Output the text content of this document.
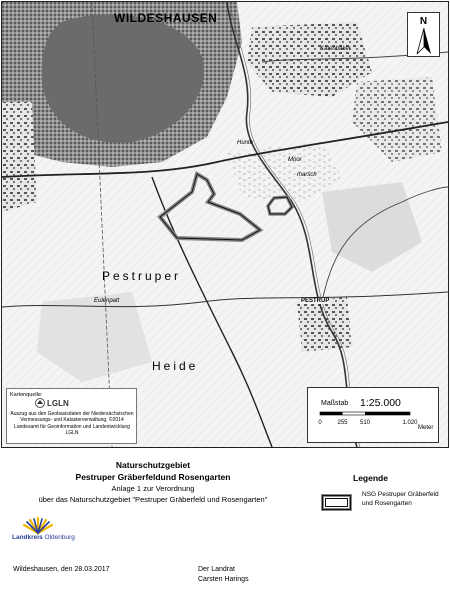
WILDESHAUSEN
Pestruper
Heide
PESTRUP
Moor
marsch
Hunte
Katenbäker
Eulenpatt
N
Kartenquelle:
LGLN
Auszug aus den Geobasisdaten der Niedersächsischen Vermessungs- und Katasterverwaltung, ©2014 Landesamt für Geoinformation und Landentwicklung LGLN
Maßstab 1:25.000
0	255 510	1.020
Meter
Naturschutzgebiet
Pestruper Gräberfeldund Rosengarten
Anlage 1 zur Verordnung
über das Naturschutzgebiet "Pestruper Gräberfeld und Rosengarten"
Legende
NSG Pestruper Gräberfeld und Rosengarten
Landkreis Oldenburg
Wildeshausen, den 28.03.2017	Der Landrat
Carsten Harings
